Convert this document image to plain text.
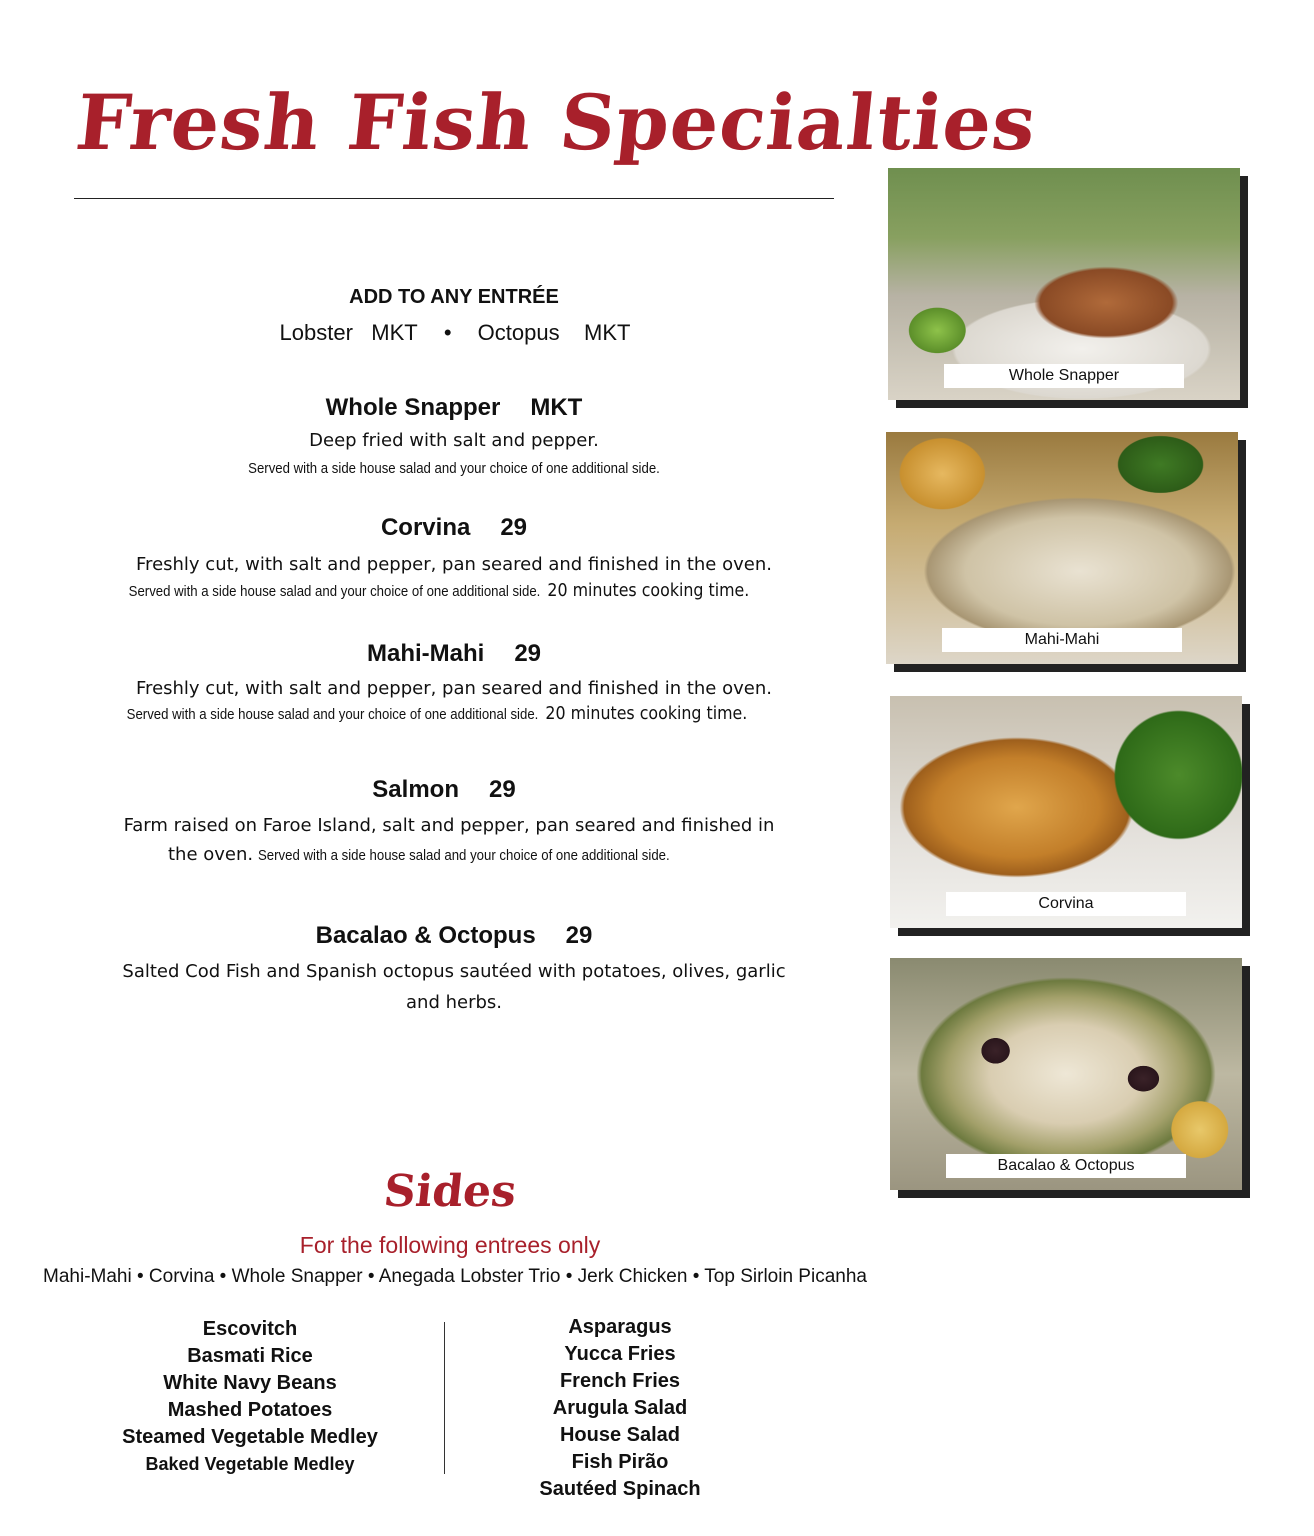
Fresh Fish Specialties
ADD TO ANY ENTRÉE
Lobster   MKT • Octopus    MKT
Whole Snapper MKT
Deep fried with salt and pepper.
Served with a side house salad and your choice of one additional side.
Corvina 29
Freshly cut, with salt and pepper, pan seared and finished in the oven.
Served with a side house salad and your choice of one additional side. 20 minutes cooking time.
Mahi-Mahi 29
Freshly cut, with salt and pepper, pan seared and finished in the oven.
Served with a side house salad and your choice of one additional side. 20 minutes cooking time.
Salmon 29
Farm raised on Faroe Island, salt and pepper, pan seared and finished in
the oven. Served with a side house salad and your choice of one additional side.
Bacalao & Octopus 29
Salted Cod Fish and Spanish octopus sautéed with potatoes, olives, garlic
and herbs.
Whole Snapper
Mahi-Mahi
Corvina
Bacalao & Octopus
Sides
For the following entrees only
Mahi-Mahi • Corvina • Whole Snapper • Anegada Lobster Trio • Jerk Chicken • Top Sirloin Picanha
Escovitch
Basmati Rice
White Navy Beans
Mashed Potatoes
Steamed Vegetable Medley
Baked Vegetable Medley
Asparagus
Yucca Fries
French Fries
Arugula Salad
House Salad
Fish Pirão
Sautéed Spinach
